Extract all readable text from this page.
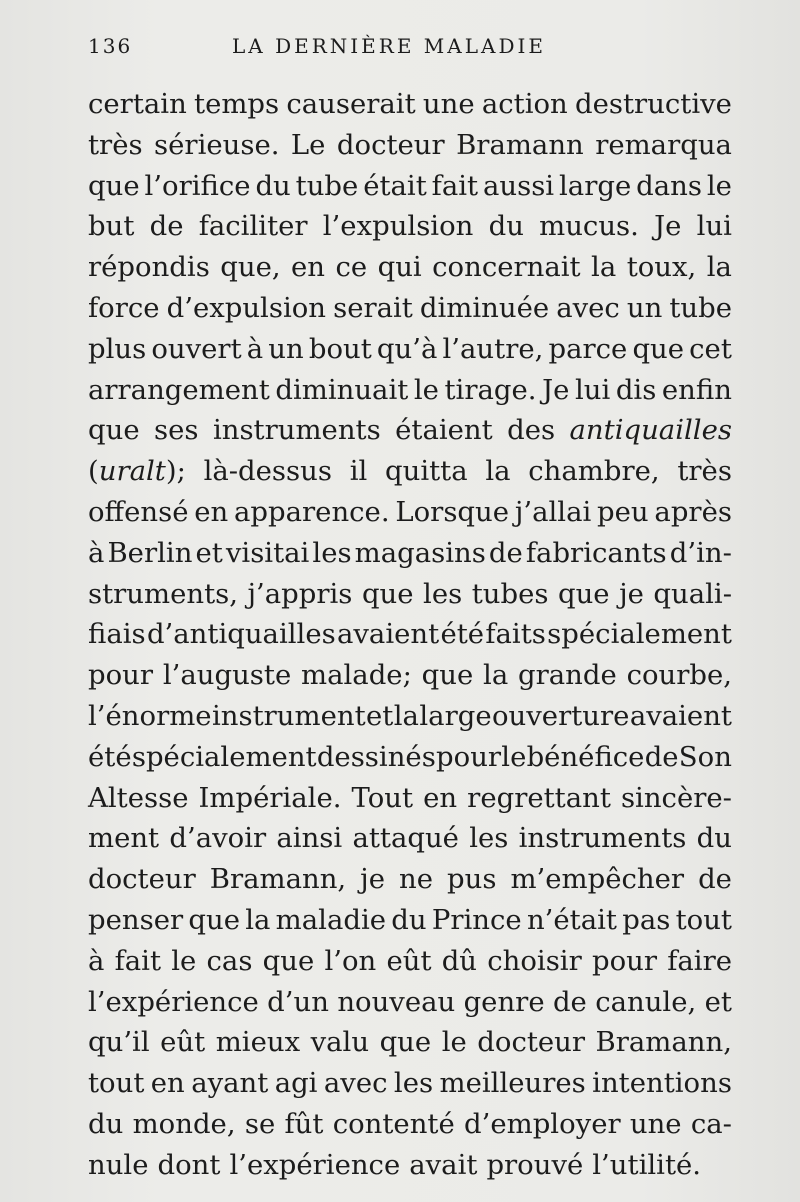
136	LA DERNIÈRE MALADIE
certain temps causerait une action destructive
très sérieuse. Le docteur Bramann remarqua
que l’orifice du tube était fait aussi large dans le
but de faciliter l’expulsion du mucus. Je lui
répondis que, en ce qui concernait la toux, la
force d’expulsion serait diminuée avec un tube
plus ouvert à un bout qu’à l’autre, parce que cet
arrangement diminuait le tirage. Je lui dis enfin
que ses instruments étaient des antiquailles
(uralt); là-dessus il quitta la chambre, très
offensé en apparence. Lorsque j’allai peu après
à Berlin et visitai les magasins de fabricants d’in-
struments, j’appris que les tubes que je quali-
fiais d’antiquailles avaient été faits spécialement
pour l’auguste malade; que la grande courbe,
l’énorme instrument et la large ouverture avaient
été spécialement dessinés pour le bénéfice de Son
Altesse Impériale. Tout en regrettant sincère-
ment d’avoir ainsi attaqué les instruments du
docteur Bramann, je ne pus m’empêcher de
penser que la maladie du Prince n’était pas tout
à fait le cas que l’on eût dû choisir pour faire
l’expérience d’un nouveau genre de canule, et
qu’il eût mieux valu que le docteur Bramann,
tout en ayant agi avec les meilleures intentions
du monde, se fût contenté d’employer une ca-
nule dont l’expérience avait prouvé l’utilité.
